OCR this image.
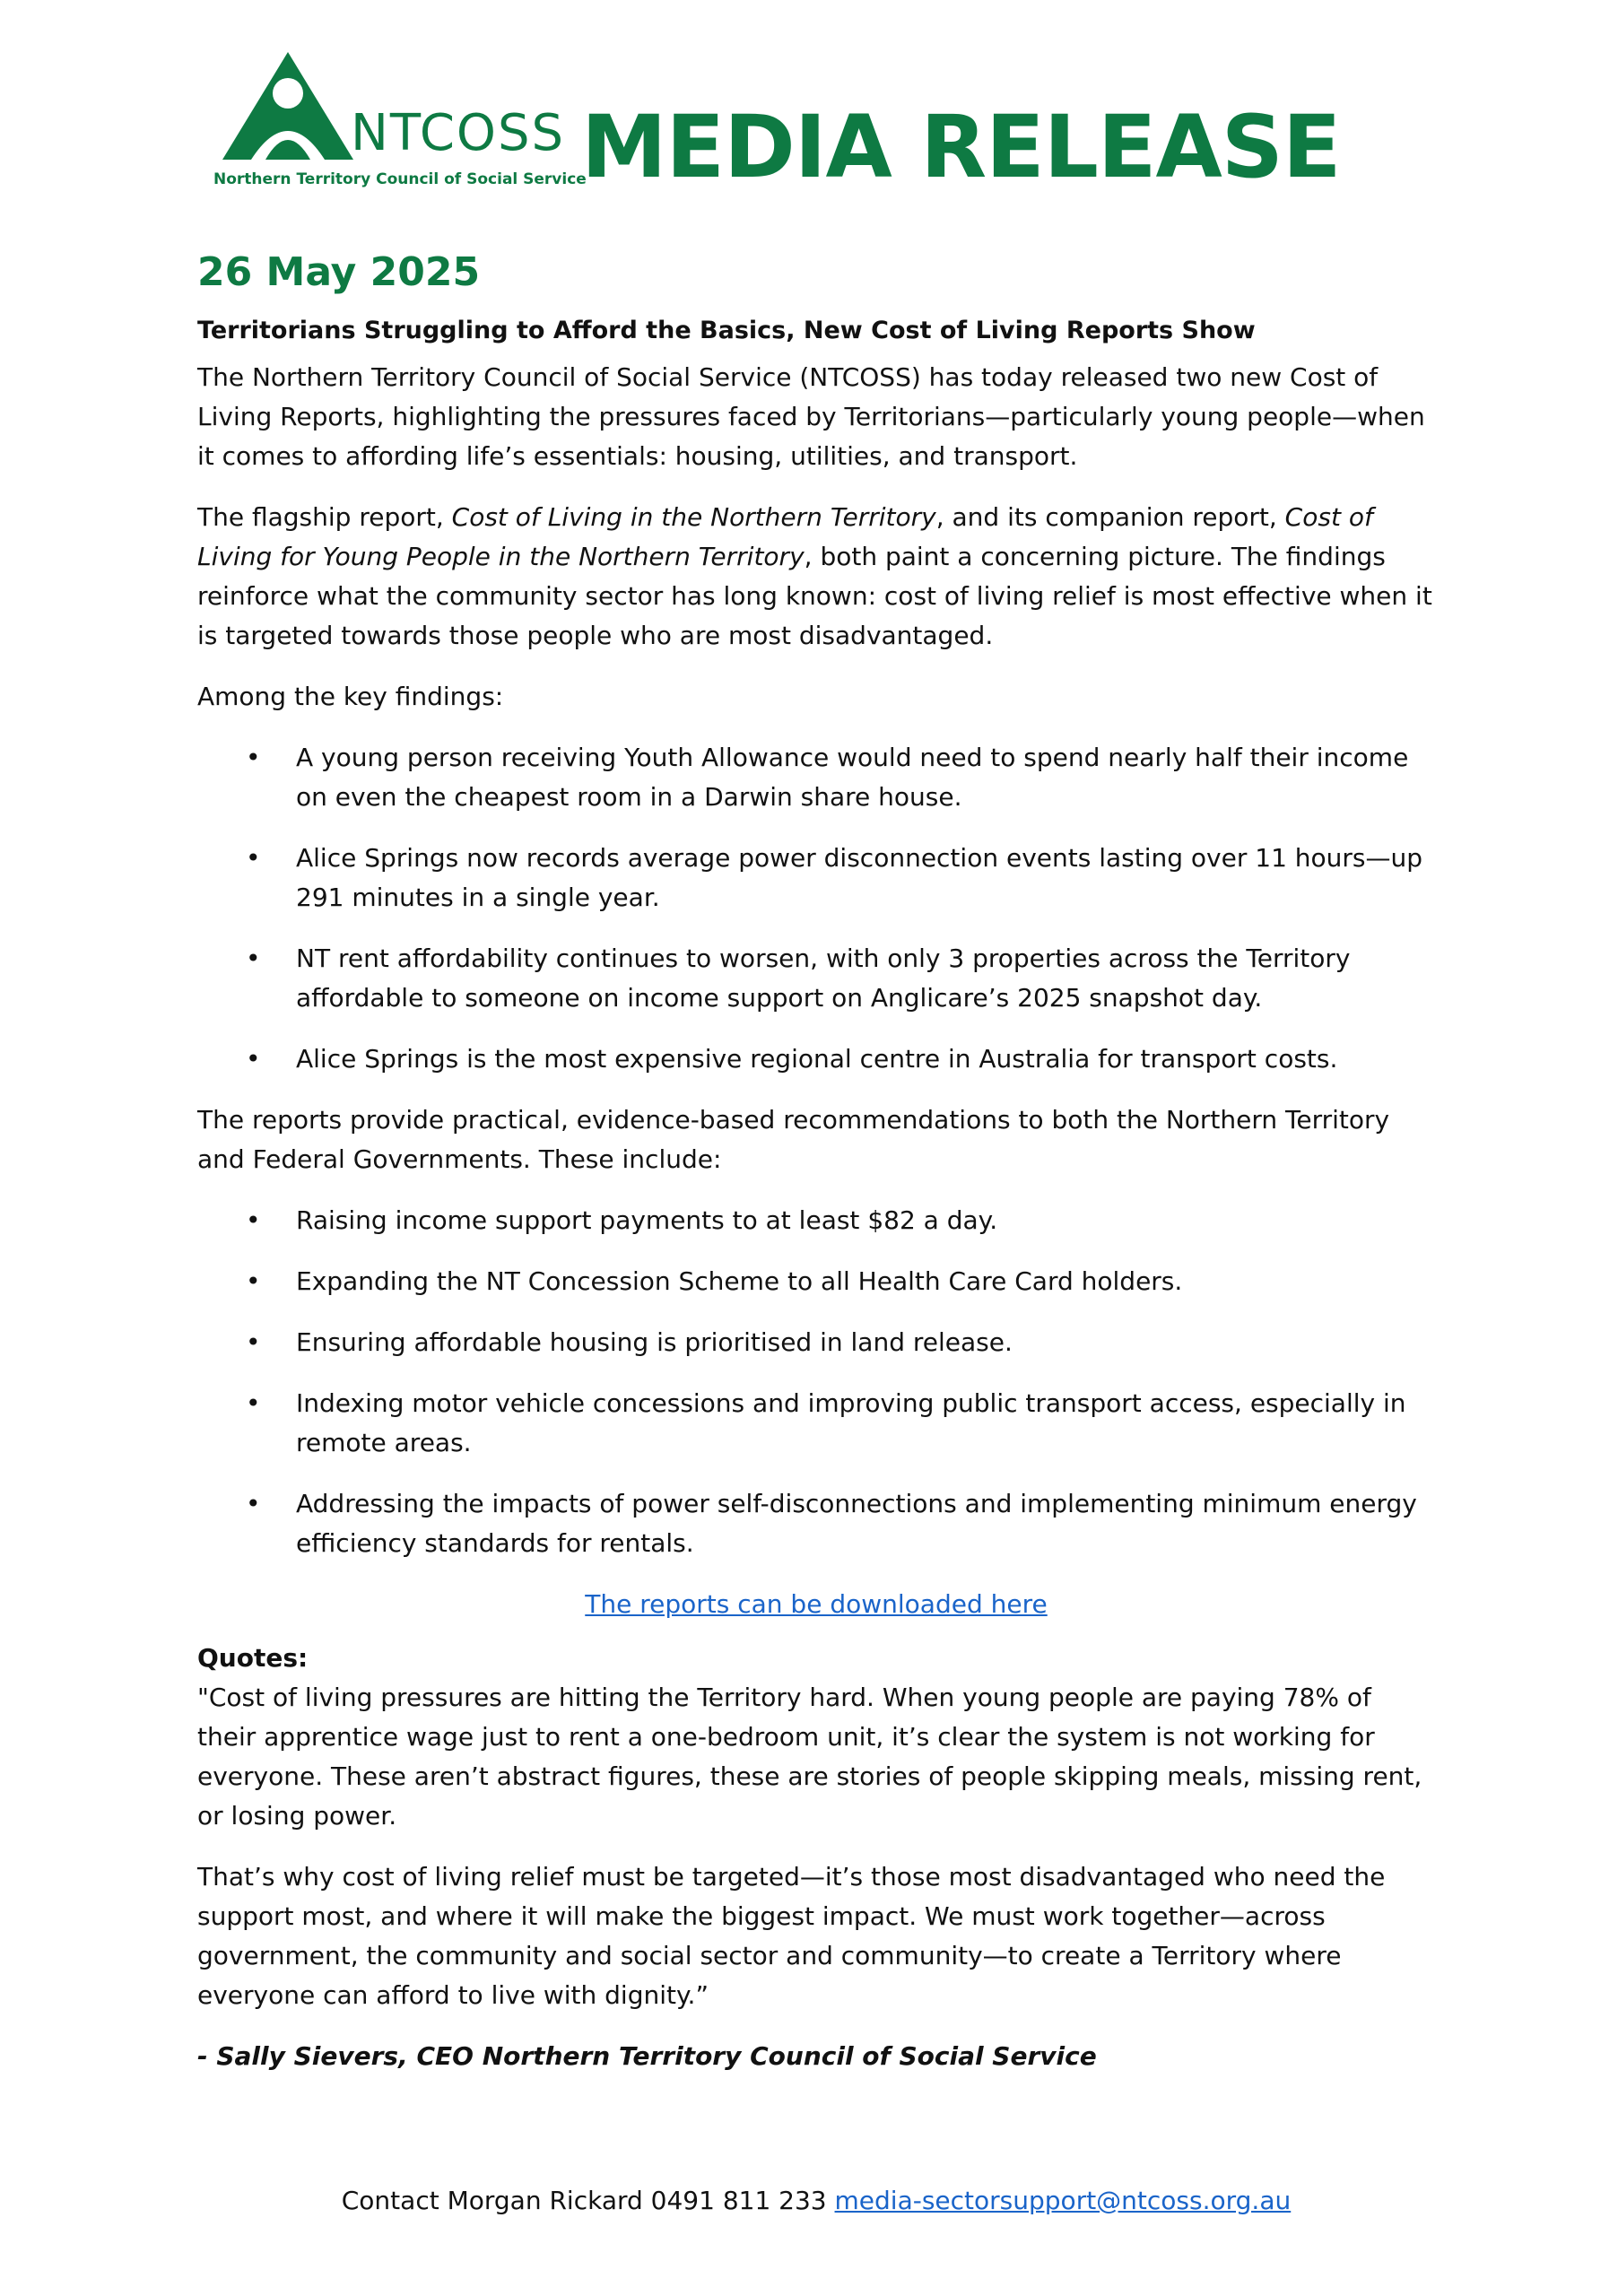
NTCOSS
Northern Territory Council of Social Service
MEDIA RELEASE
26 May 2025
Territorians Struggling to Afford the Basics, New Cost of Living Reports Show

The Northern Territory Council of Social Service (NTCOSS) has today released two new Cost of Living Reports, highlighting the pressures faced by Territorians—particularly young people—when it comes to affording life’s essentials: housing, utilities, and transport.

The flagship report, Cost of Living in the Northern Territory, and its companion report, Cost of Living for Young People in the Northern Territory, both paint a concerning picture. The findings reinforce what the community sector has long known: cost of living relief is most effective when it is targeted towards those people who are most disadvantaged.

Among the key findings:

• A young person receiving Youth Allowance would need to spend nearly half their income on even the cheapest room in a Darwin share house.
• Alice Springs now records average power disconnection events lasting over 11 hours—up 291 minutes in a single year.
• NT rent affordability continues to worsen, with only 3 properties across the Territory affordable to someone on income support on Anglicare’s 2025 snapshot day.
• Alice Springs is the most expensive regional centre in Australia for transport costs.

The reports provide practical, evidence-based recommendations to both the Northern Territory and Federal Governments. These include:

• Raising income support payments to at least $82 a day.
• Expanding the NT Concession Scheme to all Health Care Card holders.
• Ensuring affordable housing is prioritised in land release.
• Indexing motor vehicle concessions and improving public transport access, especially in remote areas.
• Addressing the impacts of power self-disconnections and implementing minimum energy efficiency standards for rentals.
The reports can be downloaded here
Quotes:

"Cost of living pressures are hitting the Territory hard. When young people are paying 78% of their apprentice wage just to rent a one-bedroom unit, it’s clear the system is not working for everyone. These aren’t abstract figures, these are stories of people skipping meals, missing rent, or losing power.

That’s why cost of living relief must be targeted—it’s those most disadvantaged who need the support most, and where it will make the biggest impact. We must work together—across government, the community and social sector and community—to create a Territory where everyone can afford to live with dignity.”

- Sally Sievers, CEO Northern Territory Council of Social Service
Contact Morgan Rickard 0491 811 233 media-sectorsupport@ntcoss.org.au
